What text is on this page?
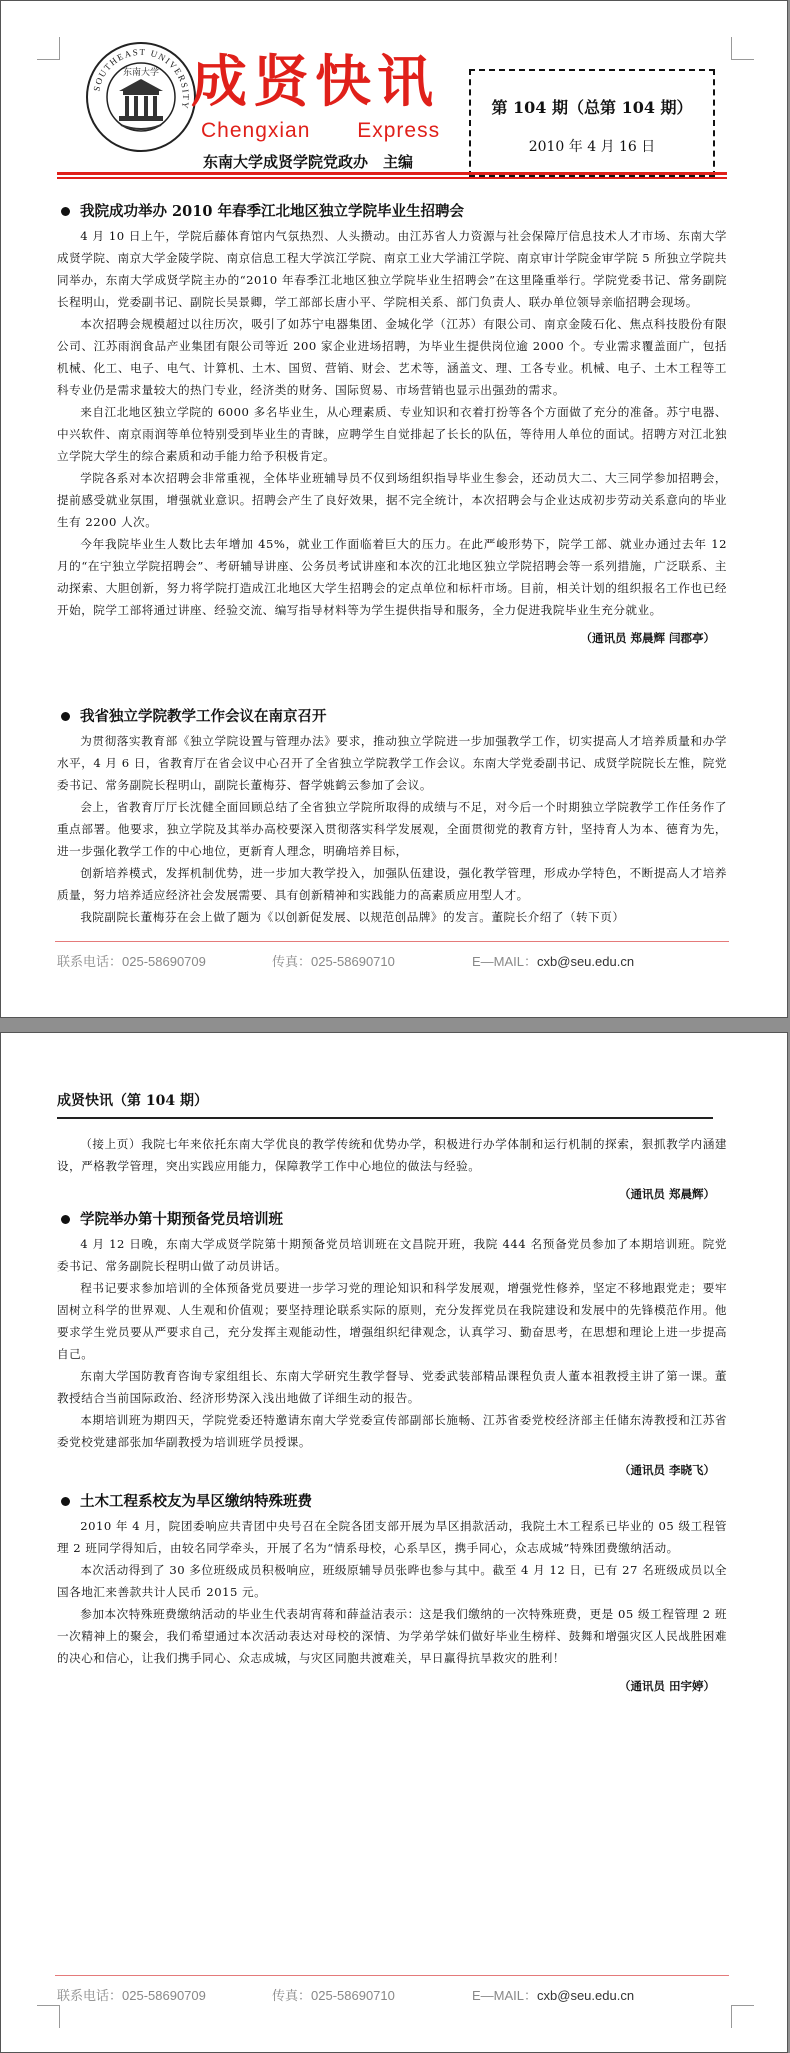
SOUTHEAST UNIVERSITY
东南大学 成贤快讯
Chengxian Express
东南大学成贤学院党政办　主编
第 104 期（总第 104 期）
2010 年 4 月 16 日
我院成功举办 2010 年春季江北地区独立学院毕业生招聘会

4 月 10 日上午，学院后藤体育馆内气氛热烈、人头攒动。由江苏省人力资源与社会保障厅信息技术人才市场、东南大学成贤学院、南京大学金陵学院、南京信息工程大学滨江学院、南京工业大学浦江学院、南京审计学院金审学院 5 所独立学院共同举办，东南大学成贤学院主办的“2010 年春季江北地区独立学院毕业生招聘会”在这里隆重举行。学院党委书记、常务副院长程明山，党委副书记、副院长吴景卿，学工部部长唐小平、学院相关系、部门负责人、联办单位领导亲临招聘会现场。

本次招聘会规模超过以往历次，吸引了如苏宁电器集团、金城化学（江苏）有限公司、南京金陵石化、焦点科技股份有限公司、江苏雨润食品产业集团有限公司等近 200 家企业进场招聘，为毕业生提供岗位逾 2000 个。专业需求覆盖面广，包括机械、化工、电子、电气、计算机、土木、国贸、营销、财会、艺术等，涵盖文、理、工各专业。机械、电子、土木工程等工科专业仍是需求量较大的热门专业，经济类的财务、国际贸易、市场营销也显示出强劲的需求。

来自江北地区独立学院的 6000 多名毕业生，从心理素质、专业知识和衣着打扮等各个方面做了充分的准备。苏宁电器、中兴软件、南京雨润等单位特别受到毕业生的青睐，应聘学生自觉排起了长长的队伍，等待用人单位的面试。招聘方对江北独立学院大学生的综合素质和动手能力给予积极肯定。

学院各系对本次招聘会非常重视，全体毕业班辅导员不仅到场组织指导毕业生参会，还动员大二、大三同学参加招聘会，提前感受就业氛围，增强就业意识。招聘会产生了良好效果，据不完全统计，本次招聘会与企业达成初步劳动关系意向的毕业生有 2200 人次。

今年我院毕业生人数比去年增加 45%，就业工作面临着巨大的压力。在此严峻形势下，院学工部、就业办通过去年 12 月的“在宁独立学院招聘会”、考研辅导讲座、公务员考试讲座和本次的江北地区独立学院招聘会等一系列措施，广泛联系、主动探索、大胆创新，努力将学院打造成江北地区大学生招聘会的定点单位和标杆市场。目前，相关计划的组织报名工作也已经开始，院学工部将通过讲座、经验交流、编写指导材料等为学生提供指导和服务，全力促进我院毕业生充分就业。

（通讯员 郑晨辉 闫郡亭）
我省独立学院教学工作会议在南京召开

为贯彻落实教育部《独立学院设置与管理办法》要求，推动独立学院进一步加强教学工作，切实提高人才培养质量和办学水平，4 月 6 日，省教育厅在省会议中心召开了全省独立学院教学工作会议。东南大学党委副书记、成贤学院院长左惟，院党委书记、常务副院长程明山，副院长董梅芬、督学姚鹤云参加了会议。

会上，省教育厅厅长沈健全面回顾总结了全省独立学院所取得的成绩与不足，对今后一个时期独立学院教学工作任务作了重点部署。他要求，独立学院及其举办高校要深入贯彻落实科学发展观，全面贯彻党的教育方针，坚持育人为本、德育为先，进一步强化教学工作的中心地位，更新育人理念，明确培养目标，

创新培养模式，发挥机制优势，进一步加大教学投入，加强队伍建设，强化教学管理，形成办学特色，不断提高人才培养质量，努力培养适应经济社会发展需要、具有创新精神和实践能力的高素质应用型人才。

我院副院长董梅芬在会上做了题为《以创新促发展、以规范创品牌》的发言。董院长介绍了（转下页）

联系电话：025-58690709	传真：025-58690710	E—MAIL：cxb@seu.edu.cn
成贤快讯（第 104 期）

（接上页）我院七年来依托东南大学优良的教学传统和优势办学，积极进行办学体制和运行机制的探索，狠抓教学内涵建设，严格教学管理，突出实践应用能力，保障教学工作中心地位的做法与经验。

（通讯员 郑晨辉）
学院举办第十期预备党员培训班

4 月 12 日晚，东南大学成贤学院第十期预备党员培训班在文昌院开班，我院 444 名预备党员参加了本期培训班。院党委书记、常务副院长程明山做了动员讲话。

程书记要求参加培训的全体预备党员要进一步学习党的理论知识和科学发展观，增强党性修养，坚定不移地跟党走；要牢固树立科学的世界观、人生观和价值观；要坚持理论联系实际的原则，充分发挥党员在我院建设和发展中的先锋模范作用。他要求学生党员要从严要求自己，充分发挥主观能动性，增强组织纪律观念，认真学习、勤奋思考，在思想和理论上进一步提高自己。

东南大学国防教育咨询专家组组长、东南大学研究生教学督导、党委武装部精品课程负责人董本祖教授主讲了第一课。董教授结合当前国际政治、经济形势深入浅出地做了详细生动的报告。

本期培训班为期四天，学院党委还特邀请东南大学党委宣传部副部长施畅、江苏省委党校经济部主任储东涛教授和江苏省委党校党建部张加华副教授为培训班学员授课。

（通讯员 李晓飞）
土木工程系校友为旱区缴纳特殊班费

2010 年 4 月，院团委响应共青团中央号召在全院各团支部开展为旱区捐款活动，我院土木工程系已毕业的 05 级工程管理 2 班同学得知后，由较名同学牵头，开展了名为“情系母校，心系旱区，携手同心，众志成城”特殊团费缴纳活动。

本次活动得到了 30 多位班级成员积极响应，班级原辅导员张晔也参与其中。截至 4 月 12 日，已有 27 名班级成员以全国各地汇来善款共计人民币 2015 元。

参加本次特殊班费缴纳活动的毕业生代表胡宵蒋和薛益洁表示：这是我们缴纳的一次特殊班费，更是 05 级工程管理 2 班一次精神上的聚会，我们希望通过本次活动表达对母校的深情、为学弟学妹们做好毕业生榜样、鼓舞和增强灾区人民战胜困难的决心和信心，让我们携手同心、众志成城，与灾区同胞共渡难关，早日赢得抗旱救灾的胜利！

（通讯员 田宇婷）
联系电话：025-58690709	传真：025-58690710	E—MAIL：cxb@seu.edu.cn
